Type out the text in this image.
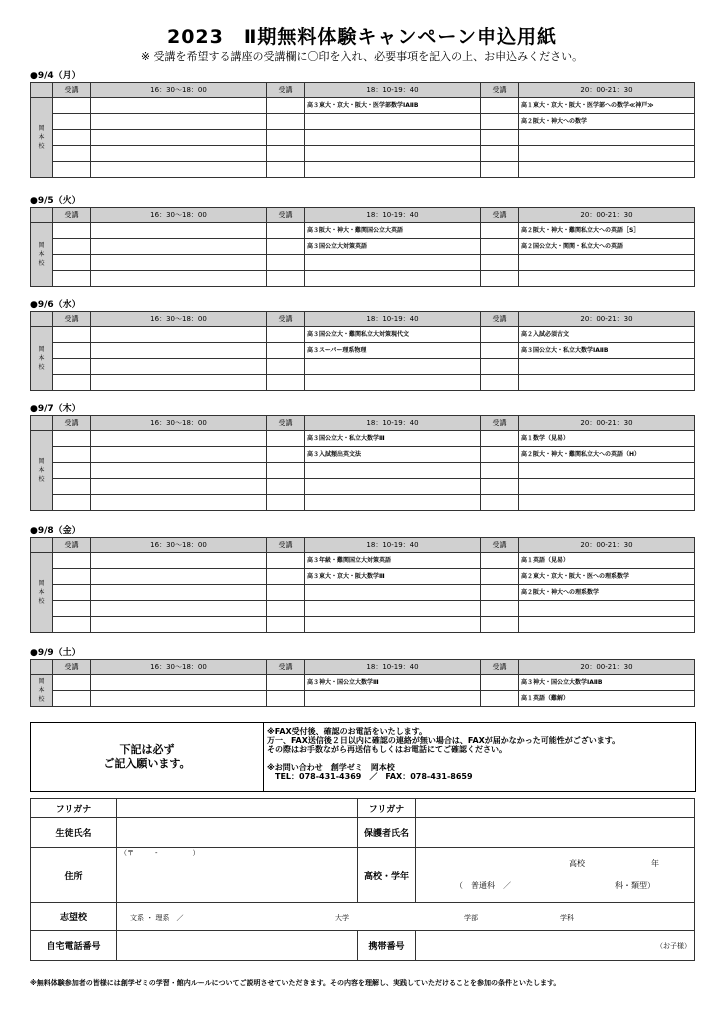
2023　Ⅱ期無料体験キャンペーン申込用紙
※ 受講を希望する講座の受講欄に〇印を入れ、必要事項を記入の上、お申込みください。
●9/4（月）
	受講	16：30～18：00	受講	18：10-19：40	受講	20：00-21：30

岡
本
校				高３東大・京大・阪大・医学部数学ⅠAⅡB		高１東大・京大・阪大・医学部への数学≪神戸≫
						高２阪大・神大への数学

●9/5（火）
	受講	16：30～18：00	受講	18：10-19：40	受講	20：00-21：30

岡
本
校				高３阪大・神大・難関国公立大英語		高２阪大・神大・難関私立大への英語［S］
				高３国公立大対策英語		高２国公立大・関関・私立大への英語

●9/6（水）
	受講	16：30～18：00	受講	18：10-19：40	受講	20：00-21：30

岡
本
校				高３国公立大・難関私立大対策現代文		高２入試必須古文
				高３スーパー理系物理		高３国公立大・私立大数学ⅠAⅡB

●9/7（木）
	受講	16：30～18：00	受講	18：10-19：40	受講	20：00-21：30

岡
本
校				高３国公立大・私立大数学Ⅲ		高１数学（見易）
				高３入試頻出英文法		高２阪大・神大・難関私立大への英語（H）

●9/8（金）
	受講	16：30～18：00	受講	18：10-19：40	受講	20：00-21：30

岡
本
校				高３年級・難関国立大対策英語		高１英語（見易）
				高３東大・京大・阪大数学Ⅲ		高２東大・京大・阪大・医への理系数学
						高２阪大・神大への理系数学

●9/9（土）
	受講	16：30～18：00	受講	18：10-19：40	受講	20：00-21：30

岡
本
校				高３神大・国公立大数学Ⅲ		高３神大・国公立大数学ⅠAⅡB
						高１英語（難解）
下記は必ず
ご記入願います。
※FAX受付後、確認のお電話をいたします。
万一、FAX送信後２日以内に確認の連絡が無い場合は、FAXが届かなかった可能性がございます。
その際はお手数ながら再送信もしくはお電話にてご確認ください。

※お問い合わせ　創学ゼミ　岡本校
　TEL：078-431-4369　／　FAX：078-431-8659
フリガナ		フリガナ	
生徒氏名		保護者氏名	
住所	（〒　　　-　　　　　）	高校・学年	高校 年
（　普通科　／ 科・類型）

志望校	文系 ・ 理系　／ 大学 学部 学科		

自宅電話番号		携帯番号	（お子様）
※無料体験参加者の皆様には創学ゼミの学習・館内ルールについてご説明させていただきます。その内容を理解し、実践していただけることを参加の条件といたします。
